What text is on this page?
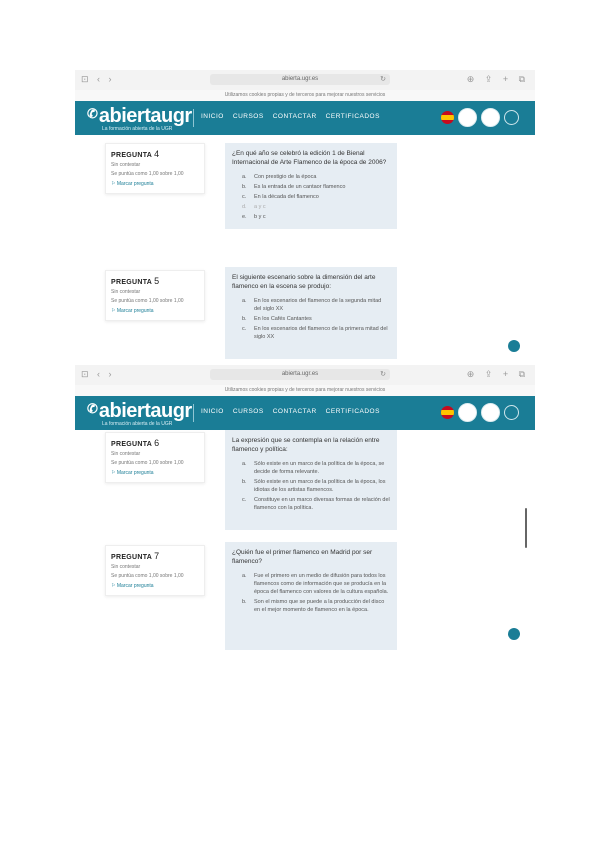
⊡ ‹ ›	abierta.ugr.es	↻	⊕ ⇪ + ⧉
Utilizamos cookies propias y de terceros para mejorar nuestros servicios
✆abiertaugr
La formación abierta de la UGR
INICIO CURSOS CONTACTAR CERTIFICADOS
PREGUNTA 4
Sin contestar
Se puntúa como 1,00 sobre 1,00
⚐ Marcar pregunta
¿En qué año se celebró la edición 1 de Bienal Internacional de Arte Flamenco de la época de 2006?
a.	Con prestigio de la época
b.	Es la entrada de un cantaor flamenco
c.	En la década del flamenco
d.	a y c
e.	b y c
PREGUNTA 5
Sin contestar
Se puntúa como 1,00 sobre 1,00
⚐ Marcar pregunta
El siguiente escenario sobre la dimensión del arte flamenco en la escena se produjo:
a.	En los escenarios del flamenco de la segunda mitad del siglo XX
b.	En los Cafés Cantantes
c.	En los escenarios del flamenco de la primera mitad del siglo XX
⊡ ‹ ›	abierta.ugr.es	↻	⊕ ⇪ + ⧉
Utilizamos cookies propias y de terceros para mejorar nuestros servicios
✆abiertaugr
La formación abierta de la UGR
INICIO CURSOS CONTACTAR CERTIFICADOS
PREGUNTA 6
Sin contestar
Se puntúa como 1,00 sobre 1,00
⚐ Marcar pregunta
La expresión que se contempla en la relación entre flamenco y política:
a.	Sólo existe en un marco de la política de la época, se decide de forma relevante.
b.	Sólo existe en un marco de la política de la época, los idiotas de los artistas flamencos.
c.	Constituye en un marco diversas formas de relación del flamenco con la política.
PREGUNTA 7
Sin contestar
Se puntúa como 1,00 sobre 1,00
⚐ Marcar pregunta
¿Quién fue el primer flamenco en Madrid por ser flamenco?
a.	Fue el primero en un medio de difusión para todos los flamencos como de información que se producía en la época del flamenco con valores de la cultura española.
b.	Son el mismo que se puede a la producción del disco en el mejor momento de flamenco en la época.
